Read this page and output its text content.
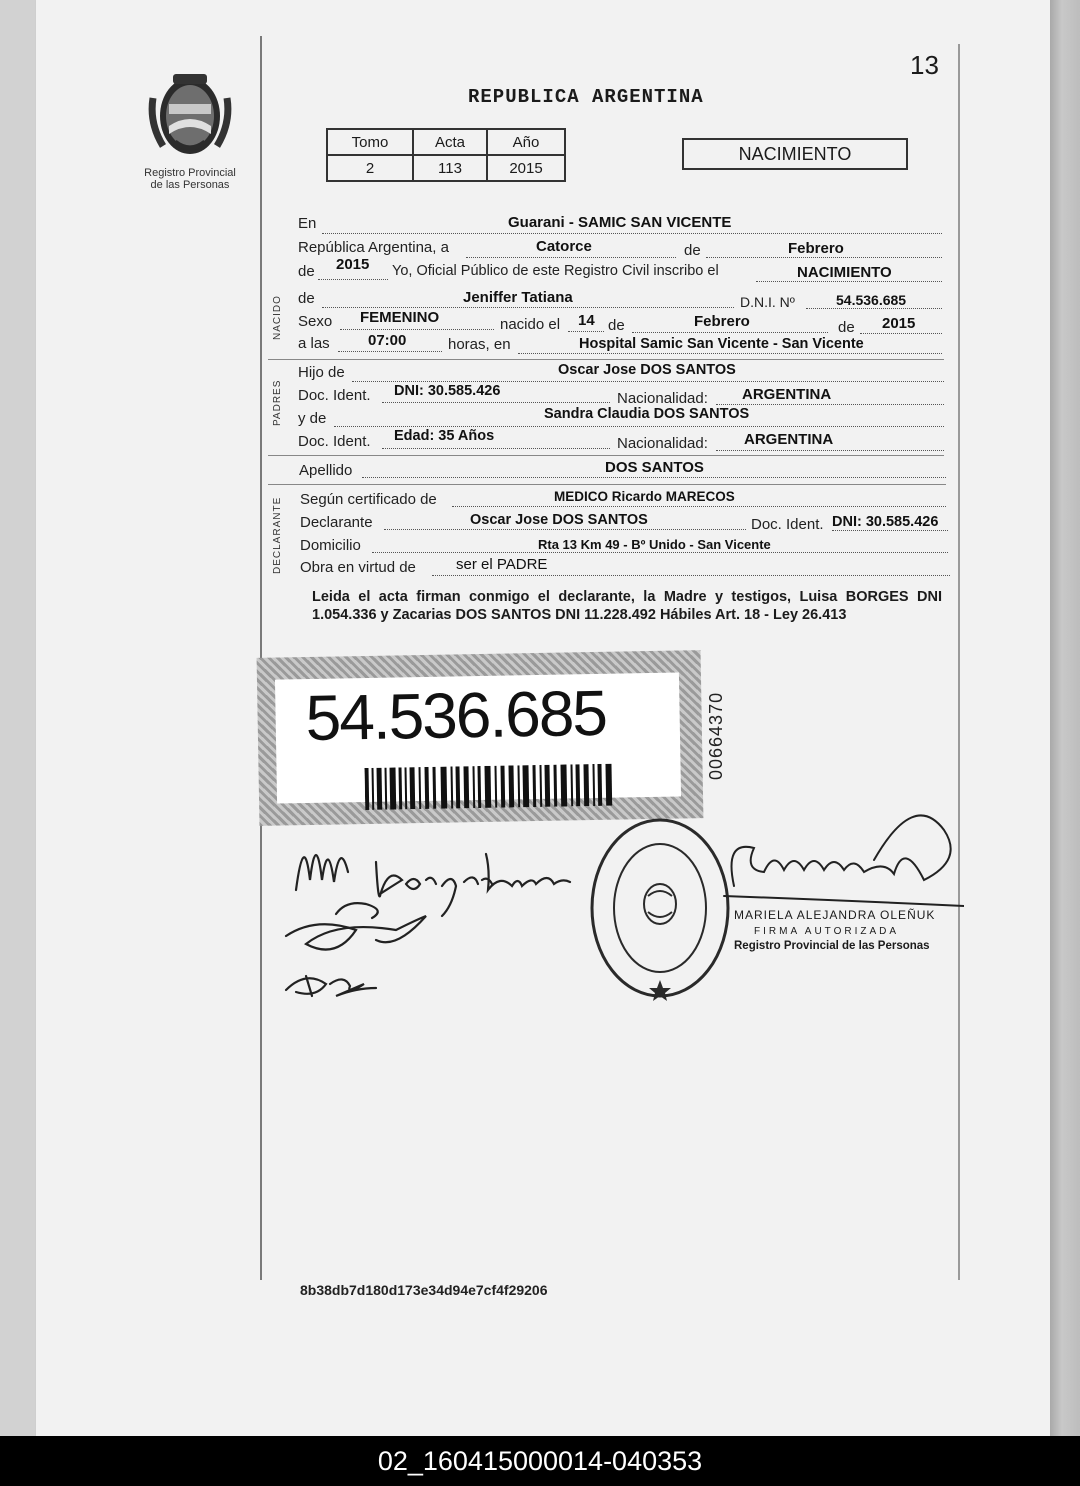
13
REPUBLICA ARGENTINA
Registro Provincial
de las Personas
Tomo	Acta	Año
2	113	2015
NACIMIENTO
En	Guarani - SAMIC SAN VICENTE
República Argentina, a	Catorce	de	Febrero
de 2015 Yo, Oficial Público de este Registro Civil inscribo el	NACIMIENTO
NACIDO de	Jeniffer Tatiana	D.N.I. Nº	54.536.685
Sexo FEMENINO	nacido el 14 de	Febrero	de 2015
a las	07:00	horas, en	Hospital Samic San Vicente - San Vicente
PADRES
Hijo de	Oscar Jose DOS SANTOS
Doc. Ident. DNI: 30.585.426	Nacionalidad: ARGENTINA
y de	Sandra Claudia DOS SANTOS
Doc. Ident. Edad: 35 Años	Nacionalidad: ARGENTINA
Apellido	DOS SANTOS
DECLARANTE Según certificado de	MEDICO Ricardo MARECOS
Declarante	Oscar Jose DOS SANTOS	Doc. Ident. DNI: 30.585.426
Domicilio	Rta 13 Km 49 - Bº Unido - San Vicente
Obra en virtud de	ser el PADRE
Leida el acta firman conmigo el declarante, la Madre y testigos, Luisa BORGES DNI 1.054.336 y Zacarias DOS SANTOS DNI 11.228.492 Hábiles Art. 18 - Ley 26.413
54.536.685	00664370
MARIELA ALEJANDRA OLEÑUK
FIRMA AUTORIZADA
Registro Provincial de las Personas
8b38db7d180d173e34d94e7cf4f29206
02_160415000014-040353
